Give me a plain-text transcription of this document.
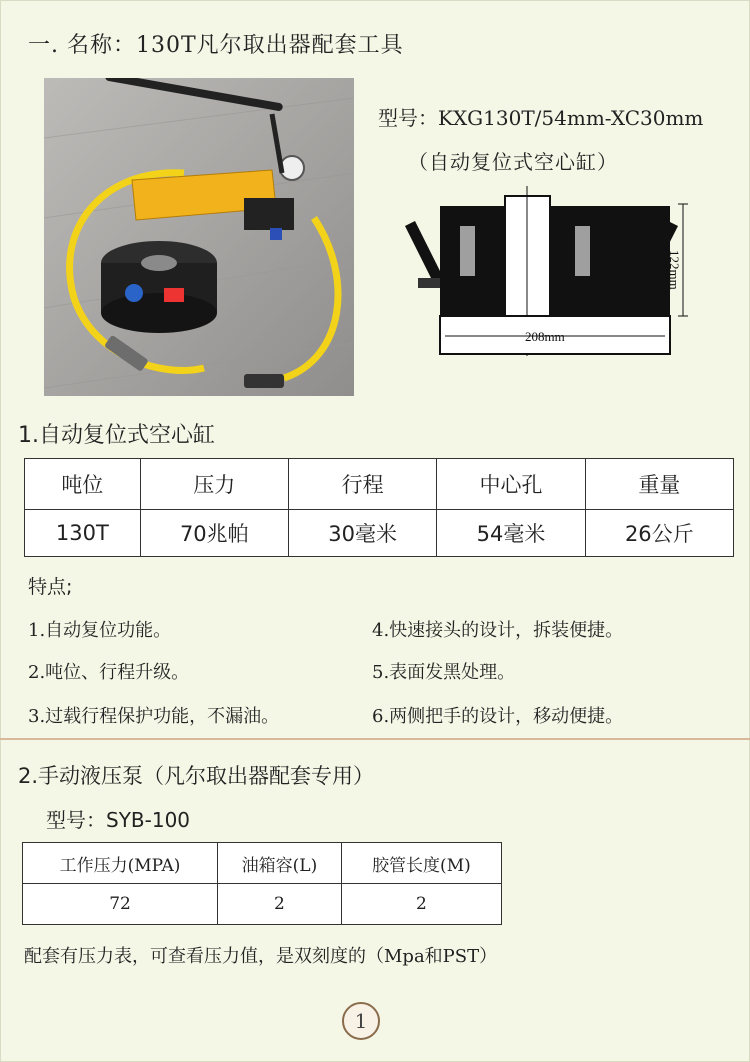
一. 名称：130T凡尔取出器配套工具
型号：KXG130T/54mm-XC30mm
（自动复位式空心缸）
208mm
122mm
1.自动复位式空心缸
吨位	压力	行程	中心孔	重量
130T	70兆帕	30毫米	54毫米	26公斤
特点;
1.自动复位功能。
2.吨位、行程升级。
3.过载行程保护功能，不漏油。
4.快速接头的设计，拆装便捷。
5.表面发黑处理。
6.两侧把手的设计，移动便捷。
2.手动液压泵（凡尔取出器配套专用）
型号：SYB-100
工作压力(MPA)	油箱容(L)	胶管长度(M)
72	2	2
配套有压力表，可查看压力值，是双刻度的（Mpa和PST）
1
